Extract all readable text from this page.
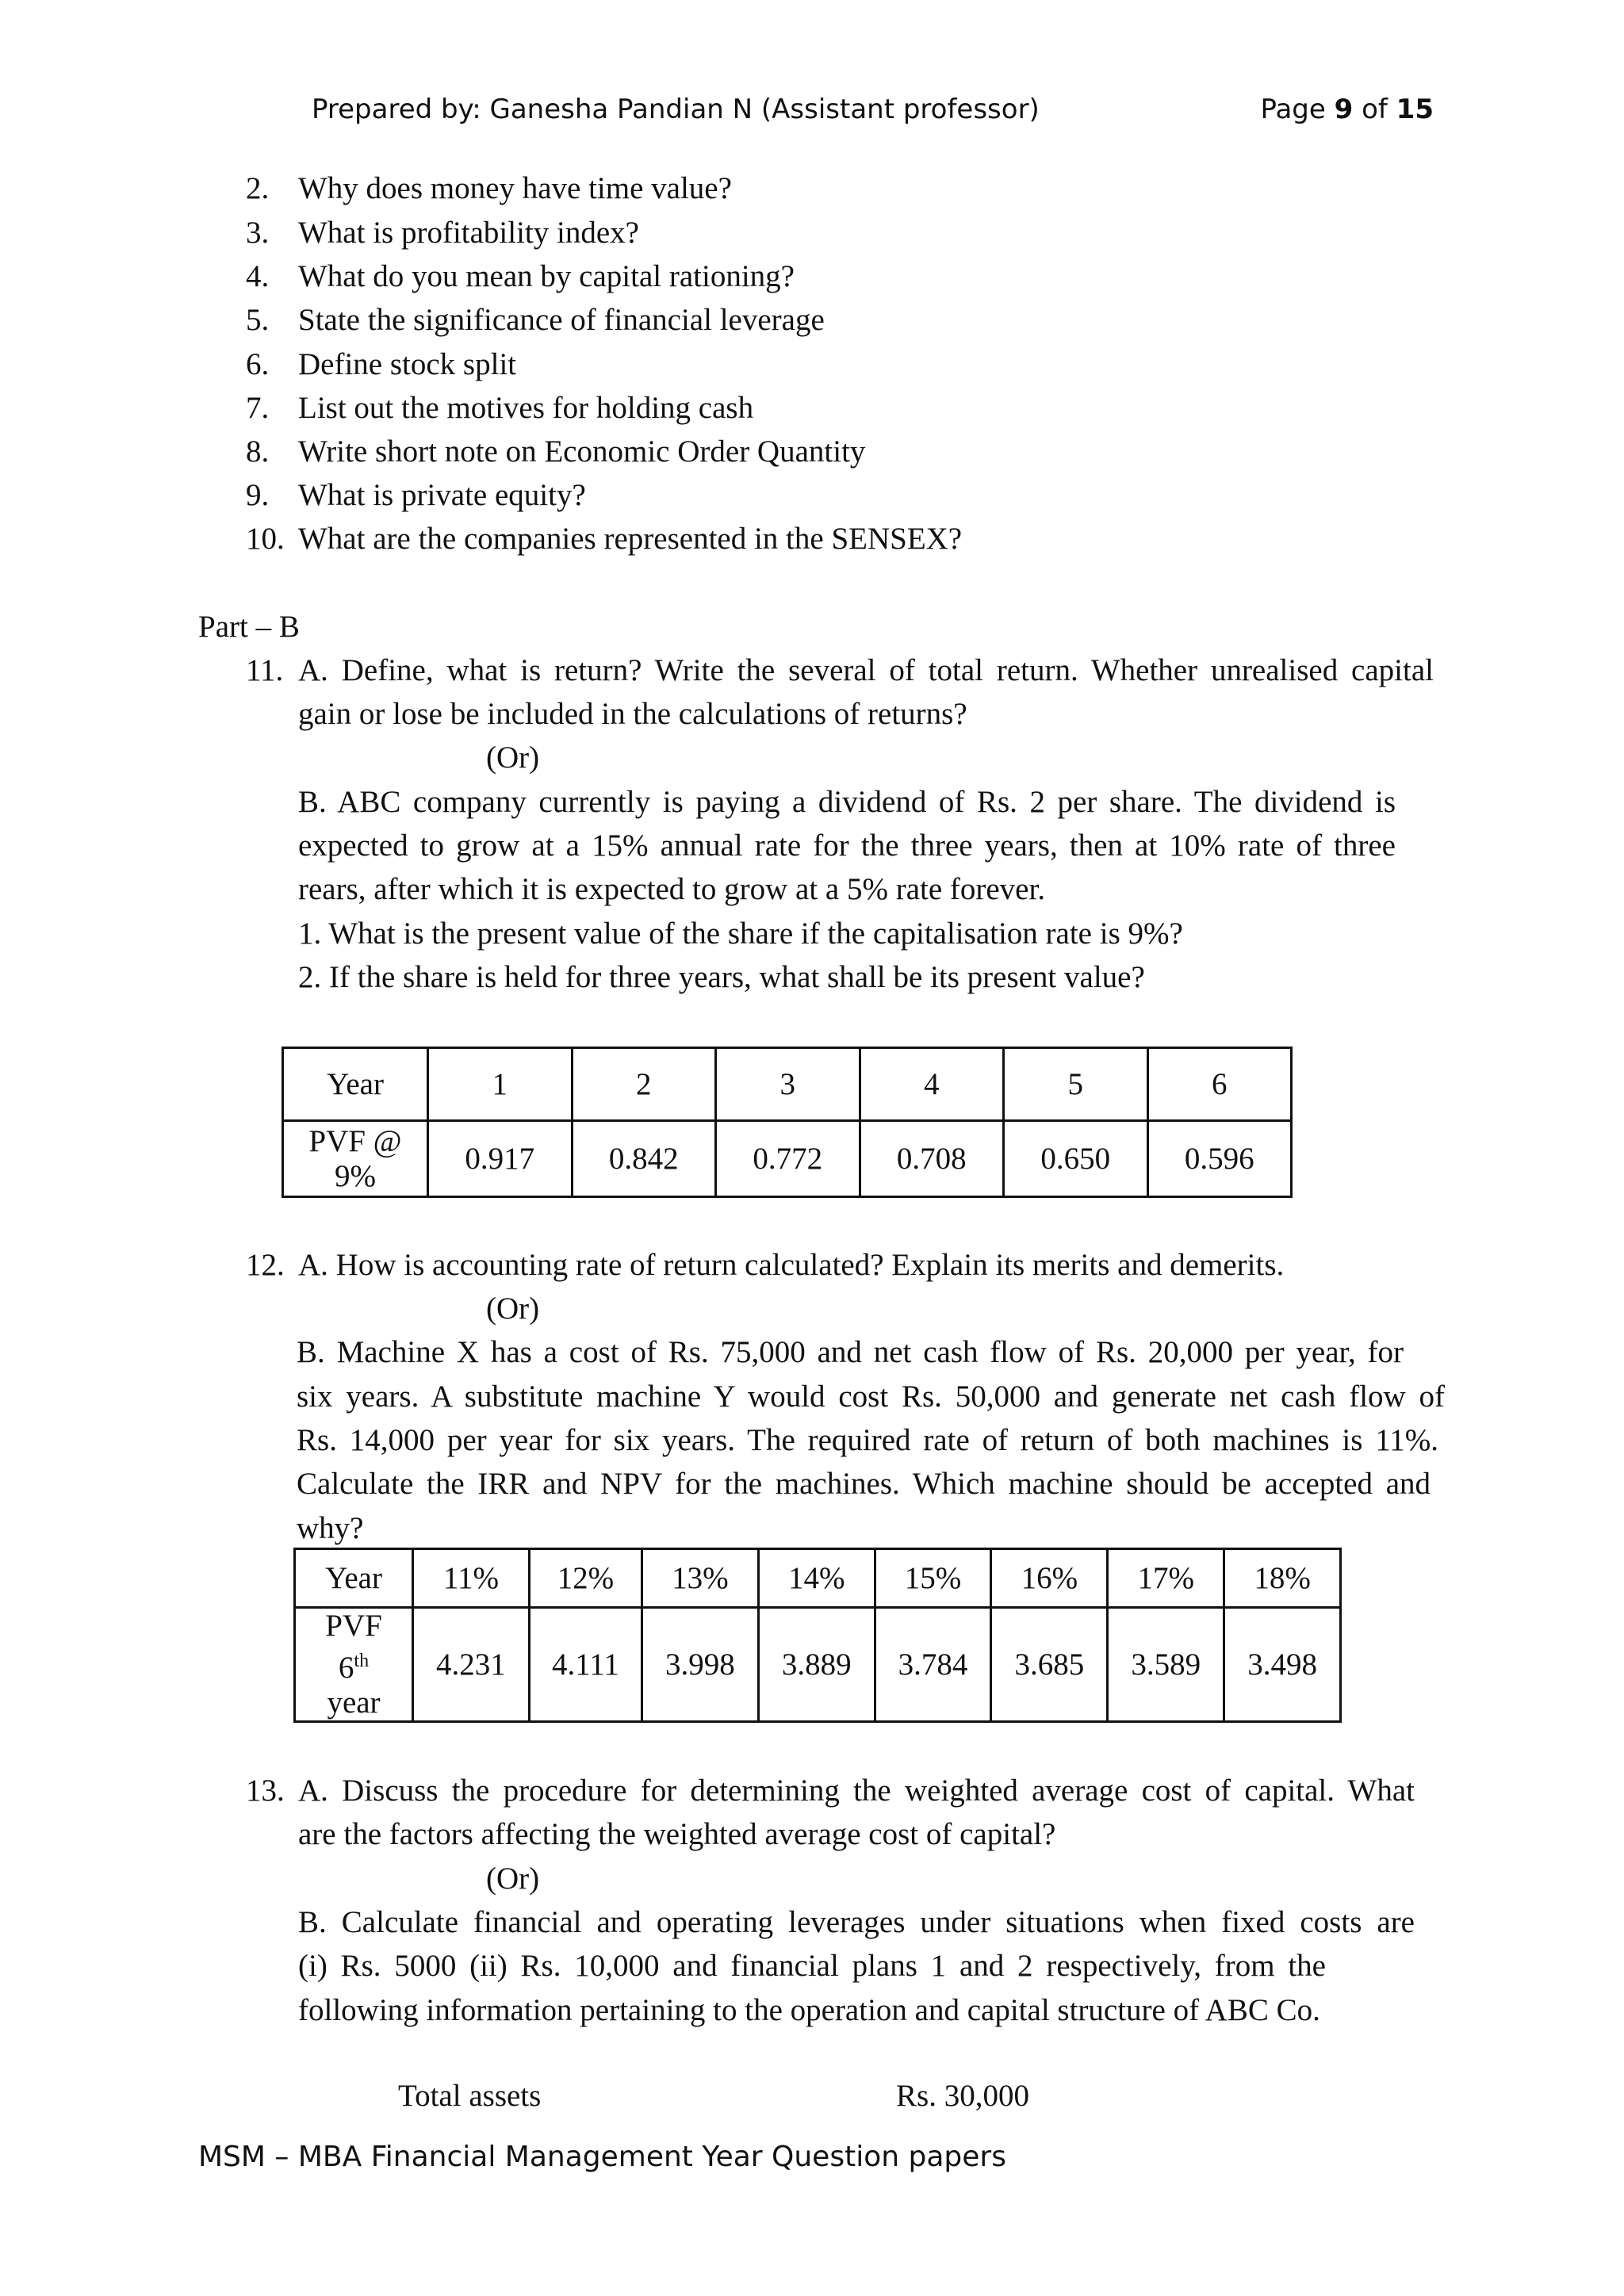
Prepared by: Ganesha Pandian N (Assistant professor)	Page 9 of 15
2. Why does money have time value?
3. What is profitability index?
4. What do you mean by capital rationing?
5. State the significance of financial leverage
6. Define stock split
7. List out the motives for holding cash
8. Write short note on Economic Order Quantity
9. What is private equity?
10. What are the companies represented in the SENSEX?
Part – B
11. A. Define, what is return? Write the several of total return. Whether unrealised capital
gain or lose be included in the calculations of returns?
(Or)
B. ABC company currently is paying a dividend of Rs. 2 per share. The dividend is
expected to grow at a 15% annual rate for the three years, then at 10% rate of three
rears, after which it is expected to grow at a 5% rate forever.
1. What is the present value of the share if the capitalisation rate is 9%?
2. If the share is held for three years, what shall be its present value?
Year	1	2	3	4	5	6

PVF @
9%	0.917	0.842	0.772	0.708	0.650	0.596
12. A. How is accounting rate of return calculated? Explain its merits and demerits.
(Or)
B. Machine X has a cost of Rs. 75,000 and net cash flow of Rs. 20,000 per year, for
six years. A substitute machine Y would cost Rs. 50,000 and generate net cash flow of
Rs. 14,000 per year for six years. The required rate of return of both machines is 11%.
Calculate the IRR and NPV for the machines. Which machine should be accepted and
why?
Year	11%	12%	13%	14%	15%	16%	17%	18%

PVF
6th
year	4.231	4.111	3.998	3.889	3.784	3.685	3.589	3.498
13. A. Discuss the procedure for determining the weighted average cost of capital. What
are the factors affecting the weighted average cost of capital?
(Or)
B. Calculate financial and operating leverages under situations when fixed costs are
(i) Rs. 5000 (ii) Rs. 10,000 and financial plans 1 and 2 respectively, from the
following information pertaining to the operation and capital structure of ABC Co.
Total assets	Rs. 30,000
MSM – MBA Financial Management Year Question papers
